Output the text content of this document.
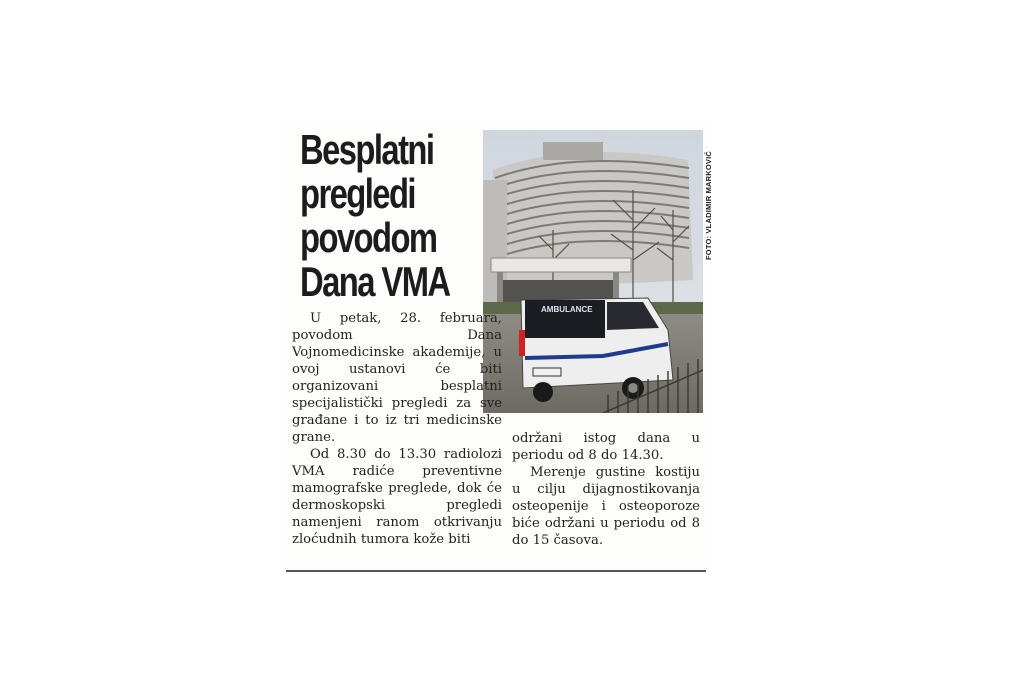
Besplatni
pregledi
povodom
Dana VMA
AMBULANCE
FOTO: VLADIMIR MARKOVIĆ

U petak, 28. februara, povodom Dana Vojnomedicinske akademije, u ovoj ustanovi će biti organizovani besplatni specijalistički pregledi za sve građane i to iz tri medicinske grane.

Od 8.30 do 13.30 radiolozi VMA radiće preventivne mamografske preglede, dok će dermoskopski pregledi namenjeni ranom otkrivanju zloćudnih tumora kože biti

održani istog dana u periodu od 8 do 14.30.

Merenje gustine kostiju u cilju dijagnostikovanja osteopenije i osteoporoze biće održani u periodu od 8 do 15 časova.
